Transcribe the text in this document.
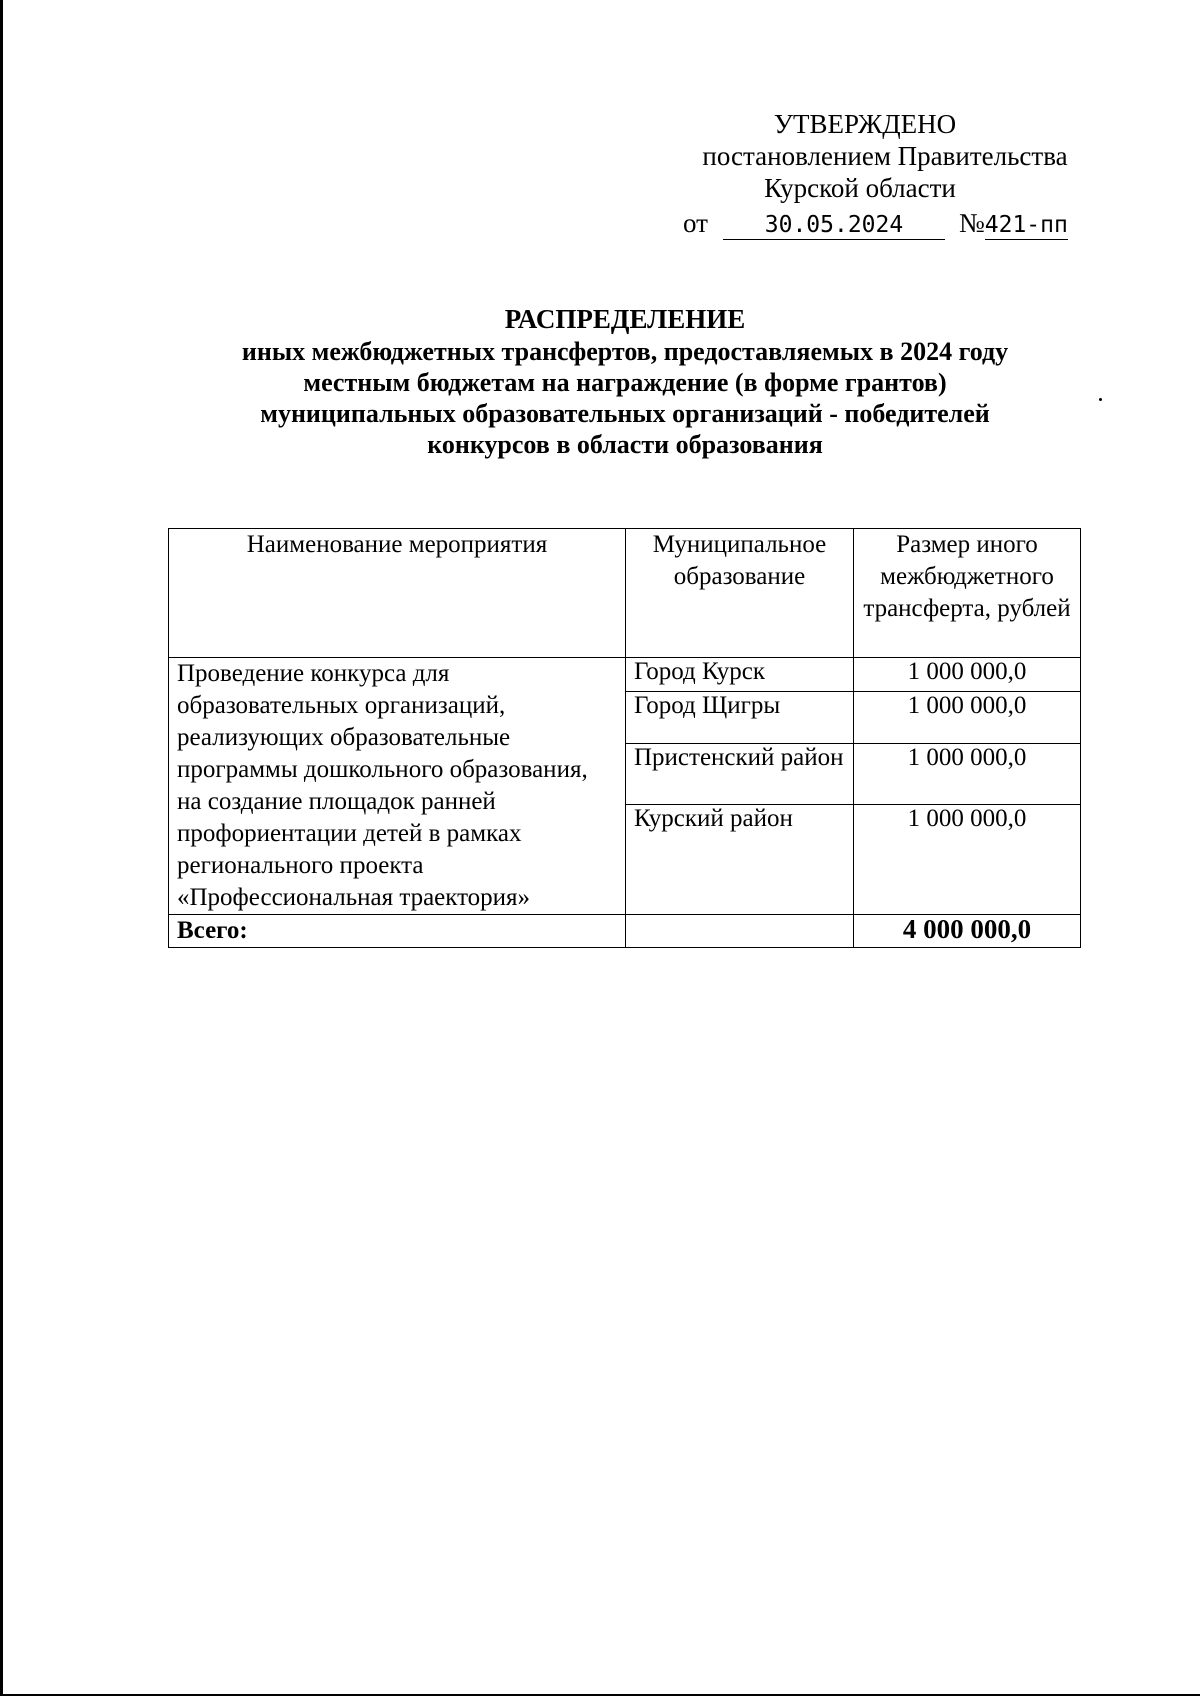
УТВЕРЖДЕНО
постановлением Правительства
Курской области
от 30.05.2024 №421-пп
РАСПРЕДЕЛЕНИЕ
иных межбюджетных трансфертов, предоставляемых в 2024 году
местным бюджетам на награждение (в форме грантов)
муниципальных образовательных организаций - победителей
конкурсов в области образования
Наименование мероприятия	Муниципальное образование	Размер иного межбюджетного трансферта, рублей
Проведение конкурса для образовательных организаций, реализующих образовательные программы дошкольного образования, на создание площадок ранней профориентации детей в рамках регионального проекта «Профессиональная траектория»	Город Курск	1 000 000,0
	Город Щигры	1 000 000,0
	Пристенский район	1 000 000,0
	Курский район	1 000 000,0
Всего:		4 000 000,0
